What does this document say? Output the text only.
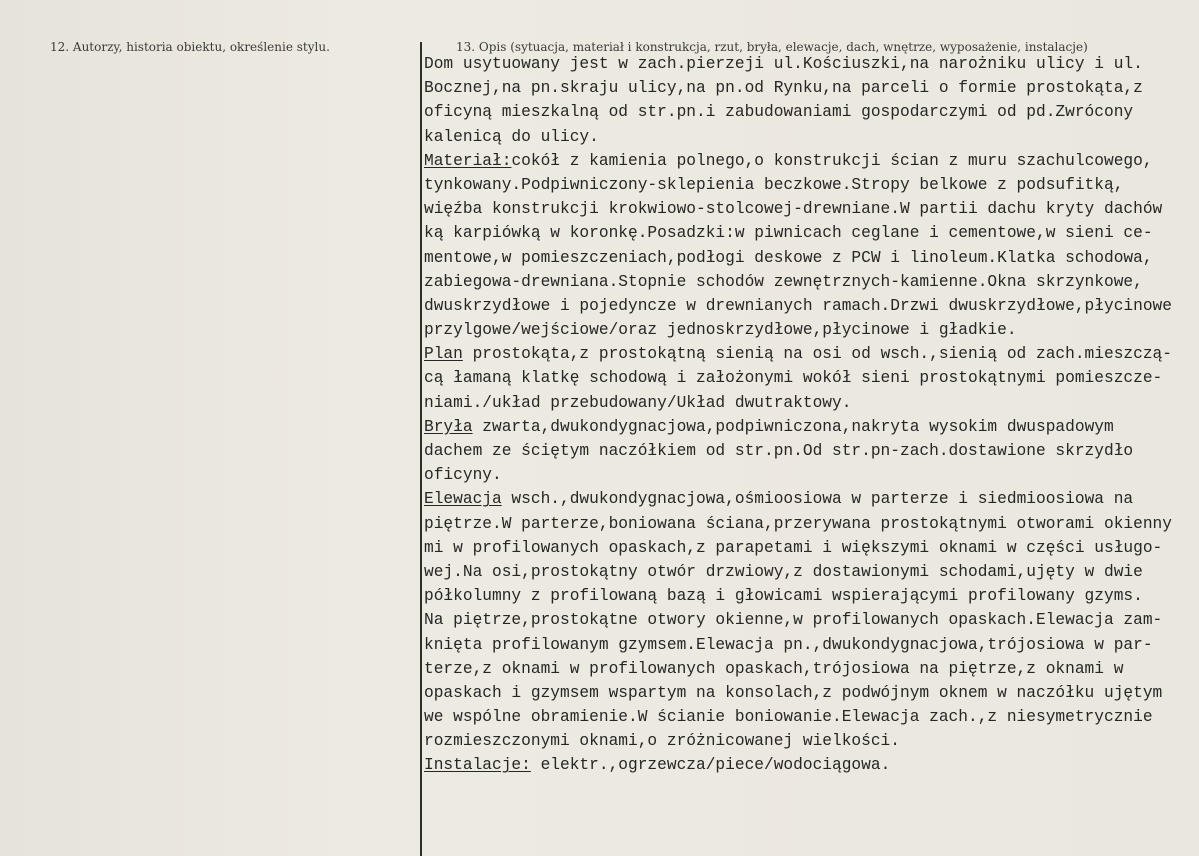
12. Autorzy, historia obiektu, określenie stylu.	13. Opis (sytuacja, materiał i konstrukcja, rzut, bryła, elewacje, dach, wnętrze, wyposażenie, instalacje)
Dom usytuowany jest w zach.pierzeji ul.Kościuszki,na narożniku ulicy i ul.
Bocznej,na pn.skraju ulicy,na pn.od Rynku,na parceli o formie prostokąta,z
oficyną mieszkalną od str.pn.i zabudowaniami gospodarczymi od pd.Zwrócony
kalenicą do ulicy.
Materiał:cokół z kamienia polnego,o konstrukcji ścian z muru szachulcowego,
tynkowany.Podpiwniczony-sklepienia beczkowe.Stropy belkowe z podsufitką,
więźba konstrukcji krokwiowo-stolcowej-drewniane.W partii dachu kryty dachów
ką karpiówką w koronkę.Posadzki:w piwnicach ceglane i cementowe,w sieni ce-
mentowe,w pomieszczeniach,podłogi deskowe z PCW i linoleum.Klatka schodowa,
zabiegowa-drewniana.Stopnie schodów zewnętrznych-kamienne.Okna skrzynkowe,
dwuskrzydłowe i pojedyncze w drewnianych ramach.Drzwi dwuskrzydłowe,płycinowe
przylgowe/wejściowe/oraz jednoskrzydłowe,płycinowe i gładkie.
Plan prostokąta,z prostokątną sienią na osi od wsch.,sienią od zach.mieszczą-
cą łamaną klatkę schodową i założonymi wokół sieni prostokątnymi pomieszcze-
niami./układ przebudowany/Układ dwutraktowy.
Bryła zwarta,dwukondygnacjowa,podpiwniczona,nakryta wysokim dwuspadowym
dachem ze ściętym naczółkiem od str.pn.Od str.pn-zach.dostawione skrzydło
oficyny.
Elewacja wsch.,dwukondygnacjowa,ośmioosiowa w parterze i siedmioosiowa na
piętrze.W parterze,boniowana ściana,przerywana prostokątnymi otworami okienny
mi w profilowanych opaskach,z parapetami i większymi oknami w części usługo-
wej.Na osi,prostokątny otwór drzwiowy,z dostawionymi schodami,ujęty w dwie
półkolumny z profilowaną bazą i głowicami wspierającymi profilowany gzyms.
Na piętrze,prostokątne otwory okienne,w profilowanych opaskach.Elewacja zam-
knięta profilowanym gzymsem.Elewacja pn.,dwukondygnacjowa,trójosiowa w par-
terze,z oknami w profilowanych opaskach,trójosiowa na piętrze,z oknami w
opaskach i gzymsem wspartym na konsolach,z podwójnym oknem w naczółku ujętym
we wspólne obramienie.W ścianie boniowanie.Elewacja zach.,z niesymetrycznie
rozmieszczonymi oknami,o zróżnicowanej wielkości.
Instalacje: elektr.,ogrzewcza/piece/wodociągowa.
